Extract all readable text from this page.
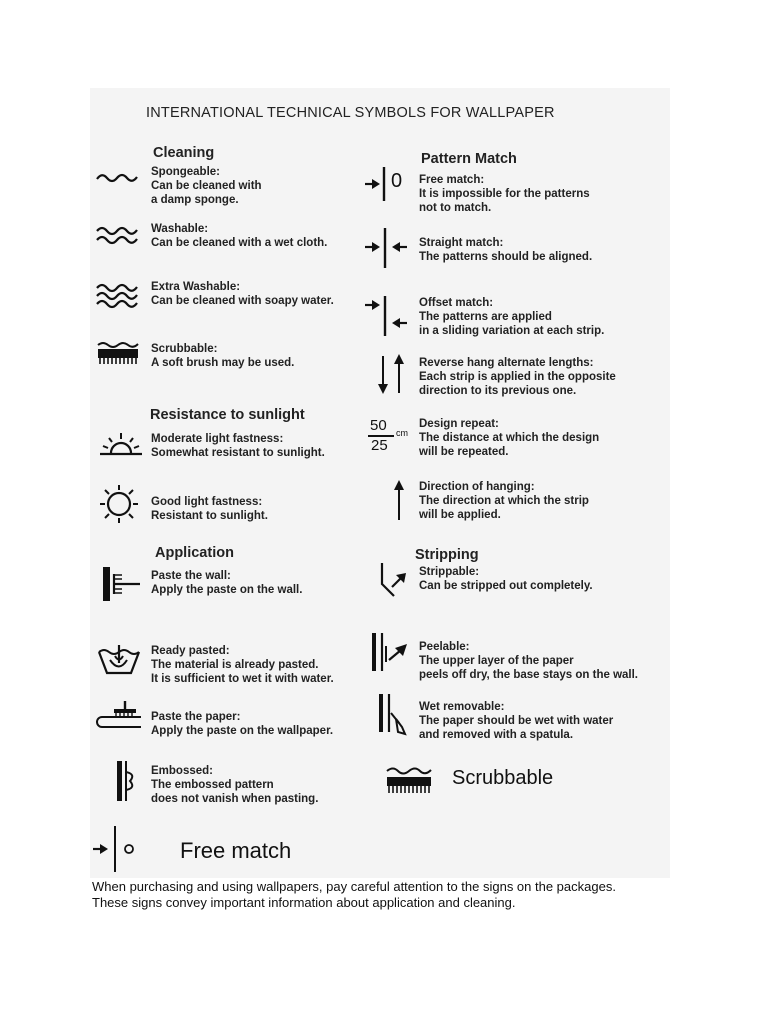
INTERNATIONAL TECHNICAL SYMBOLS FOR WALLPAPER
Cleaning
Spongeable:
Can be cleaned with
a damp sponge.
Washable:
Can be cleaned with a wet cloth.
Extra Washable:
Can be cleaned with soapy water.
Scrubbable:
A soft brush may be used.
Resistance to sunlight
Moderate light fastness:
Somewhat resistant to sunlight.
Good light fastness:
Resistant to sunlight.
Application
Paste the wall:
Apply the paste on the wall.
Ready pasted:
The material is already pasted.
It is sufficient to wet it with water.
Paste the paper:
Apply the paste on the wallpaper.
Embossed:
The embossed pattern
does not vanish when pasting.
Pattern Match
0 Free match:
It is impossible for the patterns
not to match.
Straight match:
The patterns should be aligned.
Offset match:
The patterns are applied
in a sliding variation at each strip.
Reverse hang alternate lengths:
Each strip is applied in the opposite
direction to its previous one.
50
25
cm
Design repeat:
The distance at which the design
will be repeated.
Direction of hanging:
The direction at which the strip
will be applied.
Stripping
Strippable:
Can be stripped out completely.
Peelable:
The upper layer of the paper
peels off dry, the base stays on the wall.
Wet removable:
The paper should be wet with water
and removed with a spatula.
Scrubbable
Free match
When purchasing and using wallpapers, pay careful attention to the signs on the packages.
These signs convey important information about application and cleaning.
